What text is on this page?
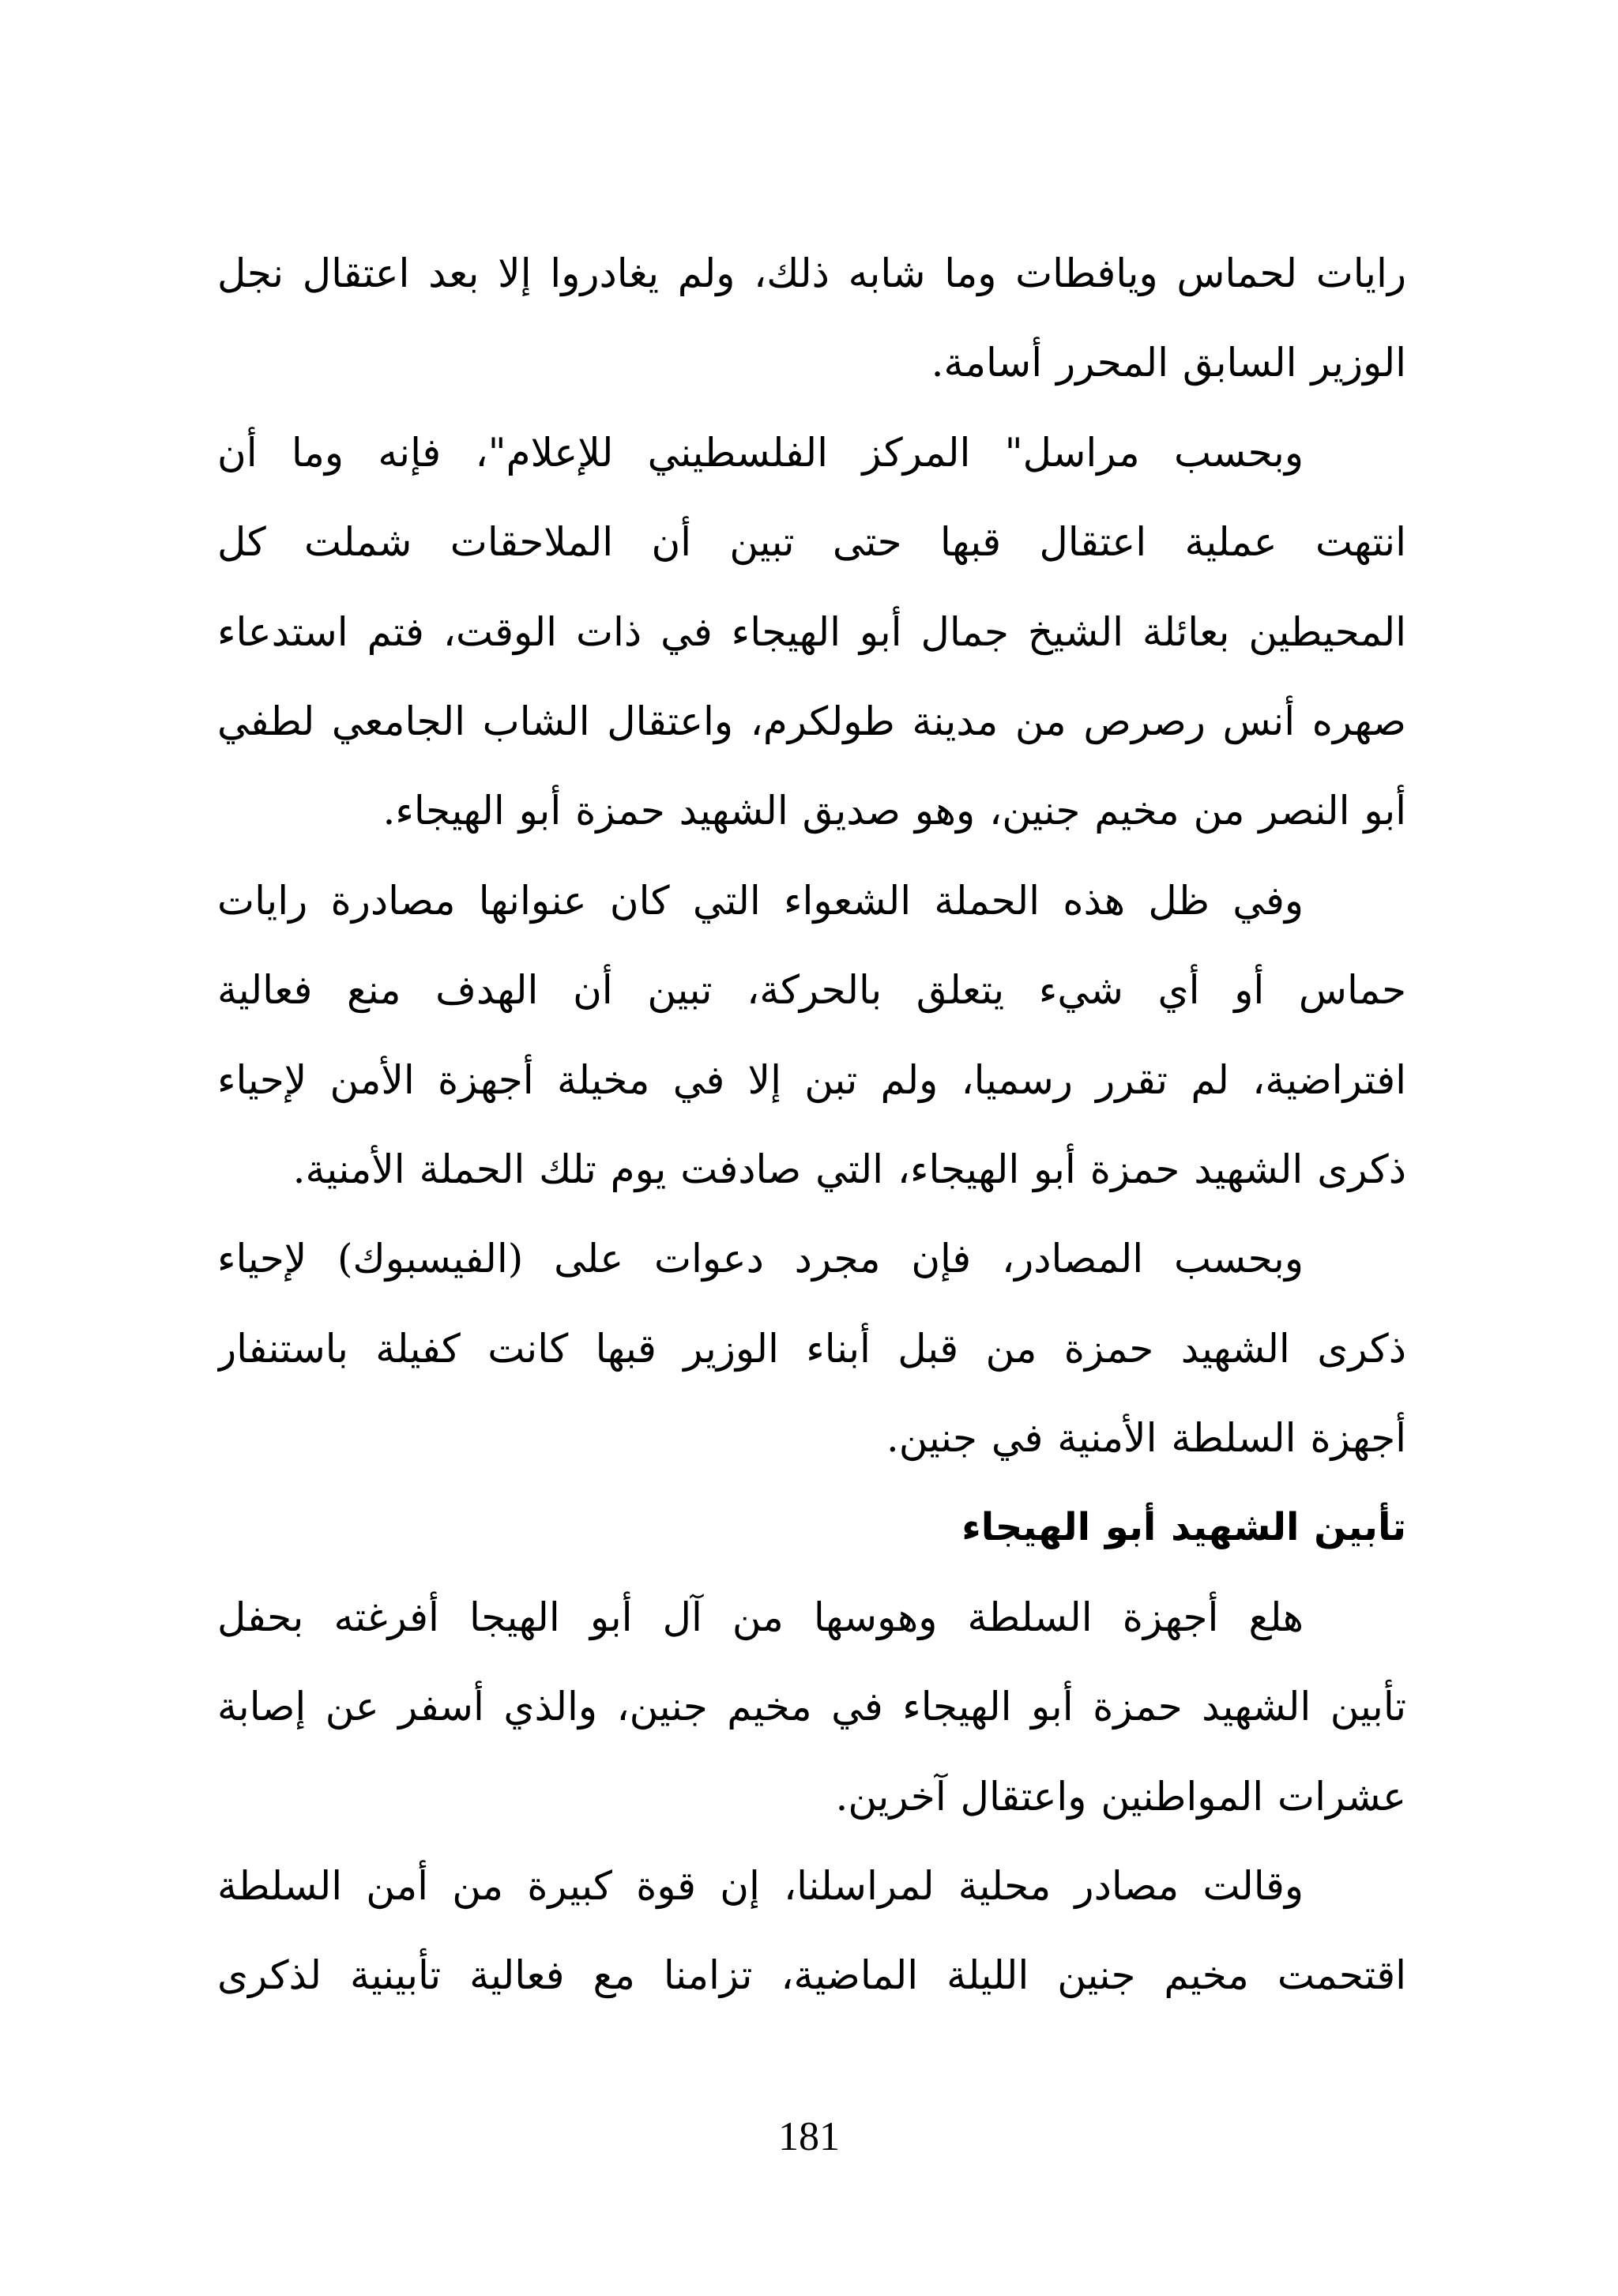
رايات لحماس ويافطات وما شابه ذلك، ولم يغادروا إلا بعد اعتقال نجل
الوزير السابق المحرر أسامة.
وبحسب مراسل" المركز الفلسطيني للإعلام"، فإنه وما أن
انتهت عملية اعتقال قبها حتى تبين أن الملاحقات شملت كل
المحيطين بعائلة الشيخ جمال أبو الهيجاء في ذات الوقت، فتم استدعاء
صهره أنس رصرص من مدينة طولكرم، واعتقال الشاب الجامعي لطفي
أبو النصر من مخيم جنين، وهو صديق الشهيد حمزة أبو الهيجاء.
وفي ظل هذه الحملة الشعواء التي كان عنوانها مصادرة رايات
حماس أو أي شيء يتعلق بالحركة، تبين أن الهدف منع فعالية
افتراضية، لم تقرر رسميا، ولم تبن إلا في مخيلة أجهزة الأمن لإحياء
ذكرى الشهيد حمزة أبو الهيجاء، التي صادفت يوم تلك الحملة الأمنية.
وبحسب المصادر، فإن مجرد دعوات على (الفيسبوك) لإحياء
ذكرى الشهيد حمزة من قبل أبناء الوزير قبها كانت كفيلة باستنفار
أجهزة السلطة الأمنية في جنين.
تأبين الشهيد أبو الهيجاء
هلع أجهزة السلطة وهوسها من آل أبو الهيجا أفرغته بحفل
تأبين الشهيد حمزة أبو الهيجاء في مخيم جنين، والذي أسفر عن إصابة
عشرات المواطنين واعتقال آخرين.
وقالت مصادر محلية لمراسلنا، إن قوة كبيرة من أمن السلطة
اقتحمت مخيم جنين الليلة الماضية، تزامنا مع فعالية تأبينية لذكرى
181
